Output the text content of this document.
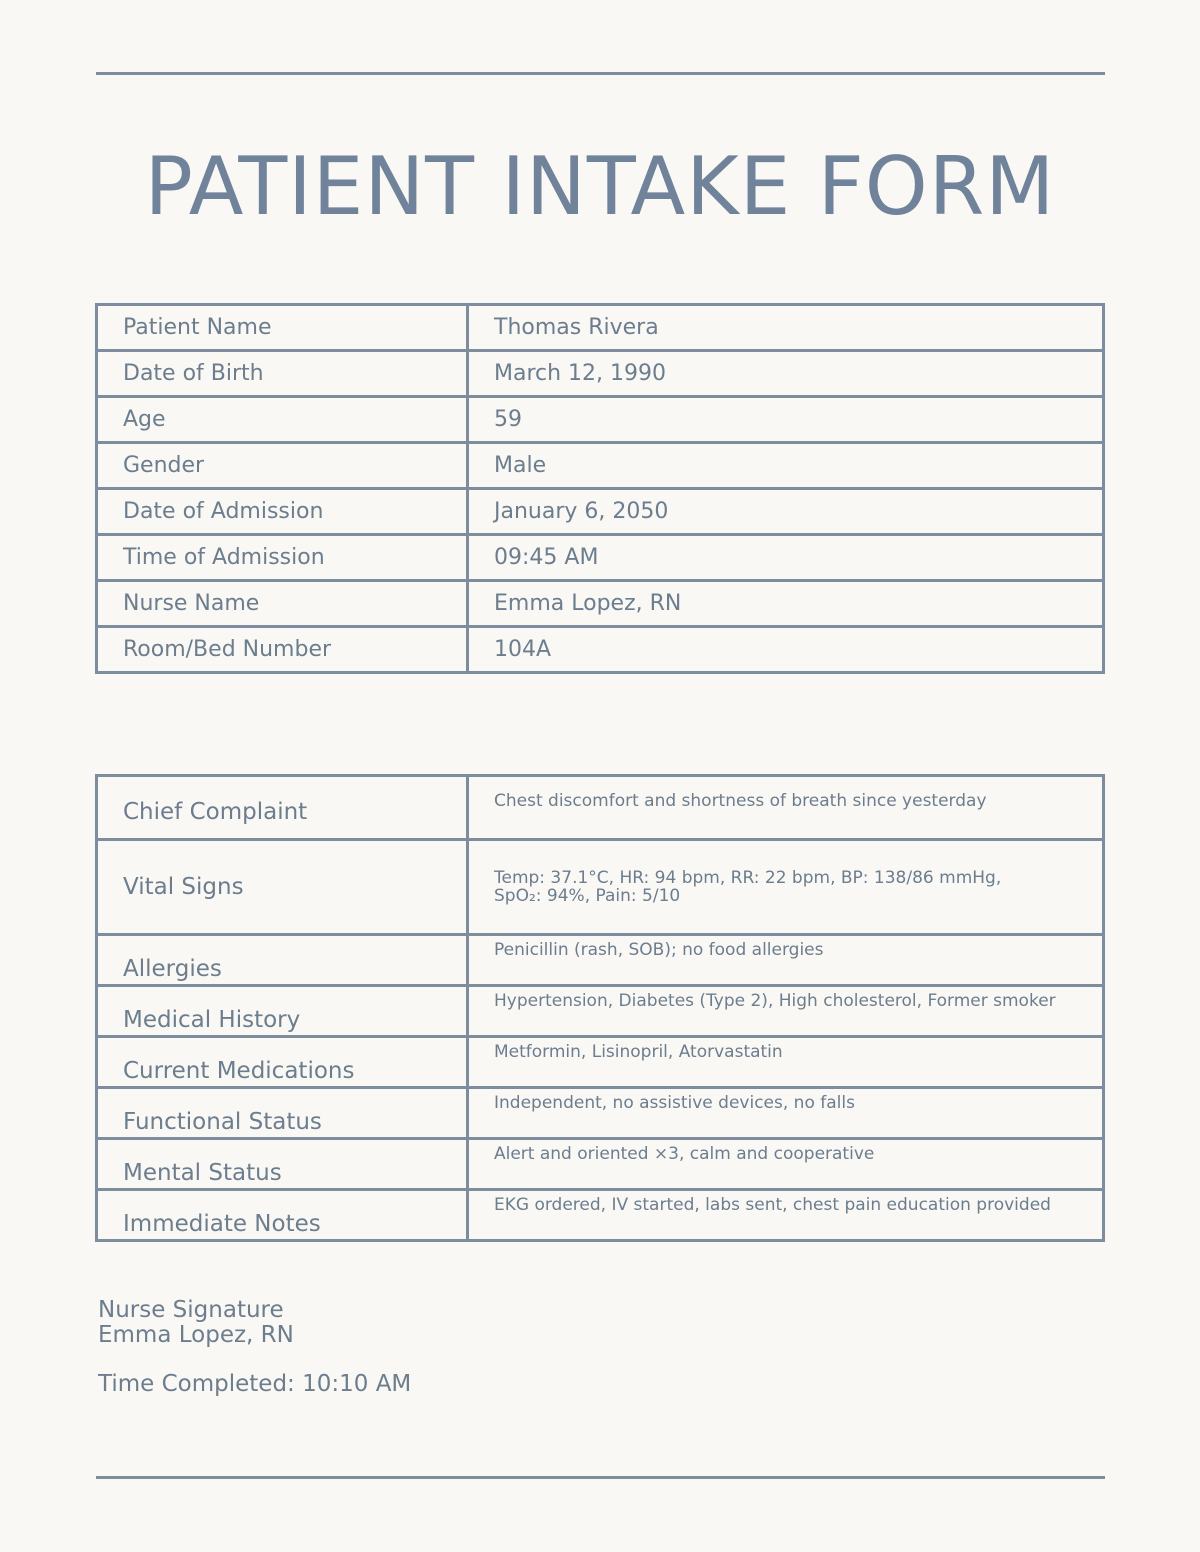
PATIENT INTAKE FORM
Patient Name	Thomas Rivera
Date of Birth	March 12, 1990
Age	59
Gender	Male
Date of Admission	January 6, 2050
Time of Admission	09:45 AM
Nurse Name	Emma Lopez, RN
Room/Bed Number	104A
Chief Complaint	Chest discomfort and shortness of breath since yesterday
Vital Signs	Temp: 37.1°C, HR: 94 bpm, RR: 22 bpm, BP: 138/86 mmHg,
SpO₂: 94%, Pain: 5/10

Allergies	Penicillin (rash, SOB); no food allergies
Medical History	Hypertension, Diabetes (Type 2), High cholesterol, Former smoker
Current Medications	Metformin, Lisinopril, Atorvastatin
Functional Status	Independent, no assistive devices, no falls
Mental Status	Alert and oriented ×3, calm and cooperative
Immediate Notes	EKG ordered, IV started, labs sent, chest pain education provided
Nurse Signature
Emma Lopez, RN
Time Completed: 10:10 AM
